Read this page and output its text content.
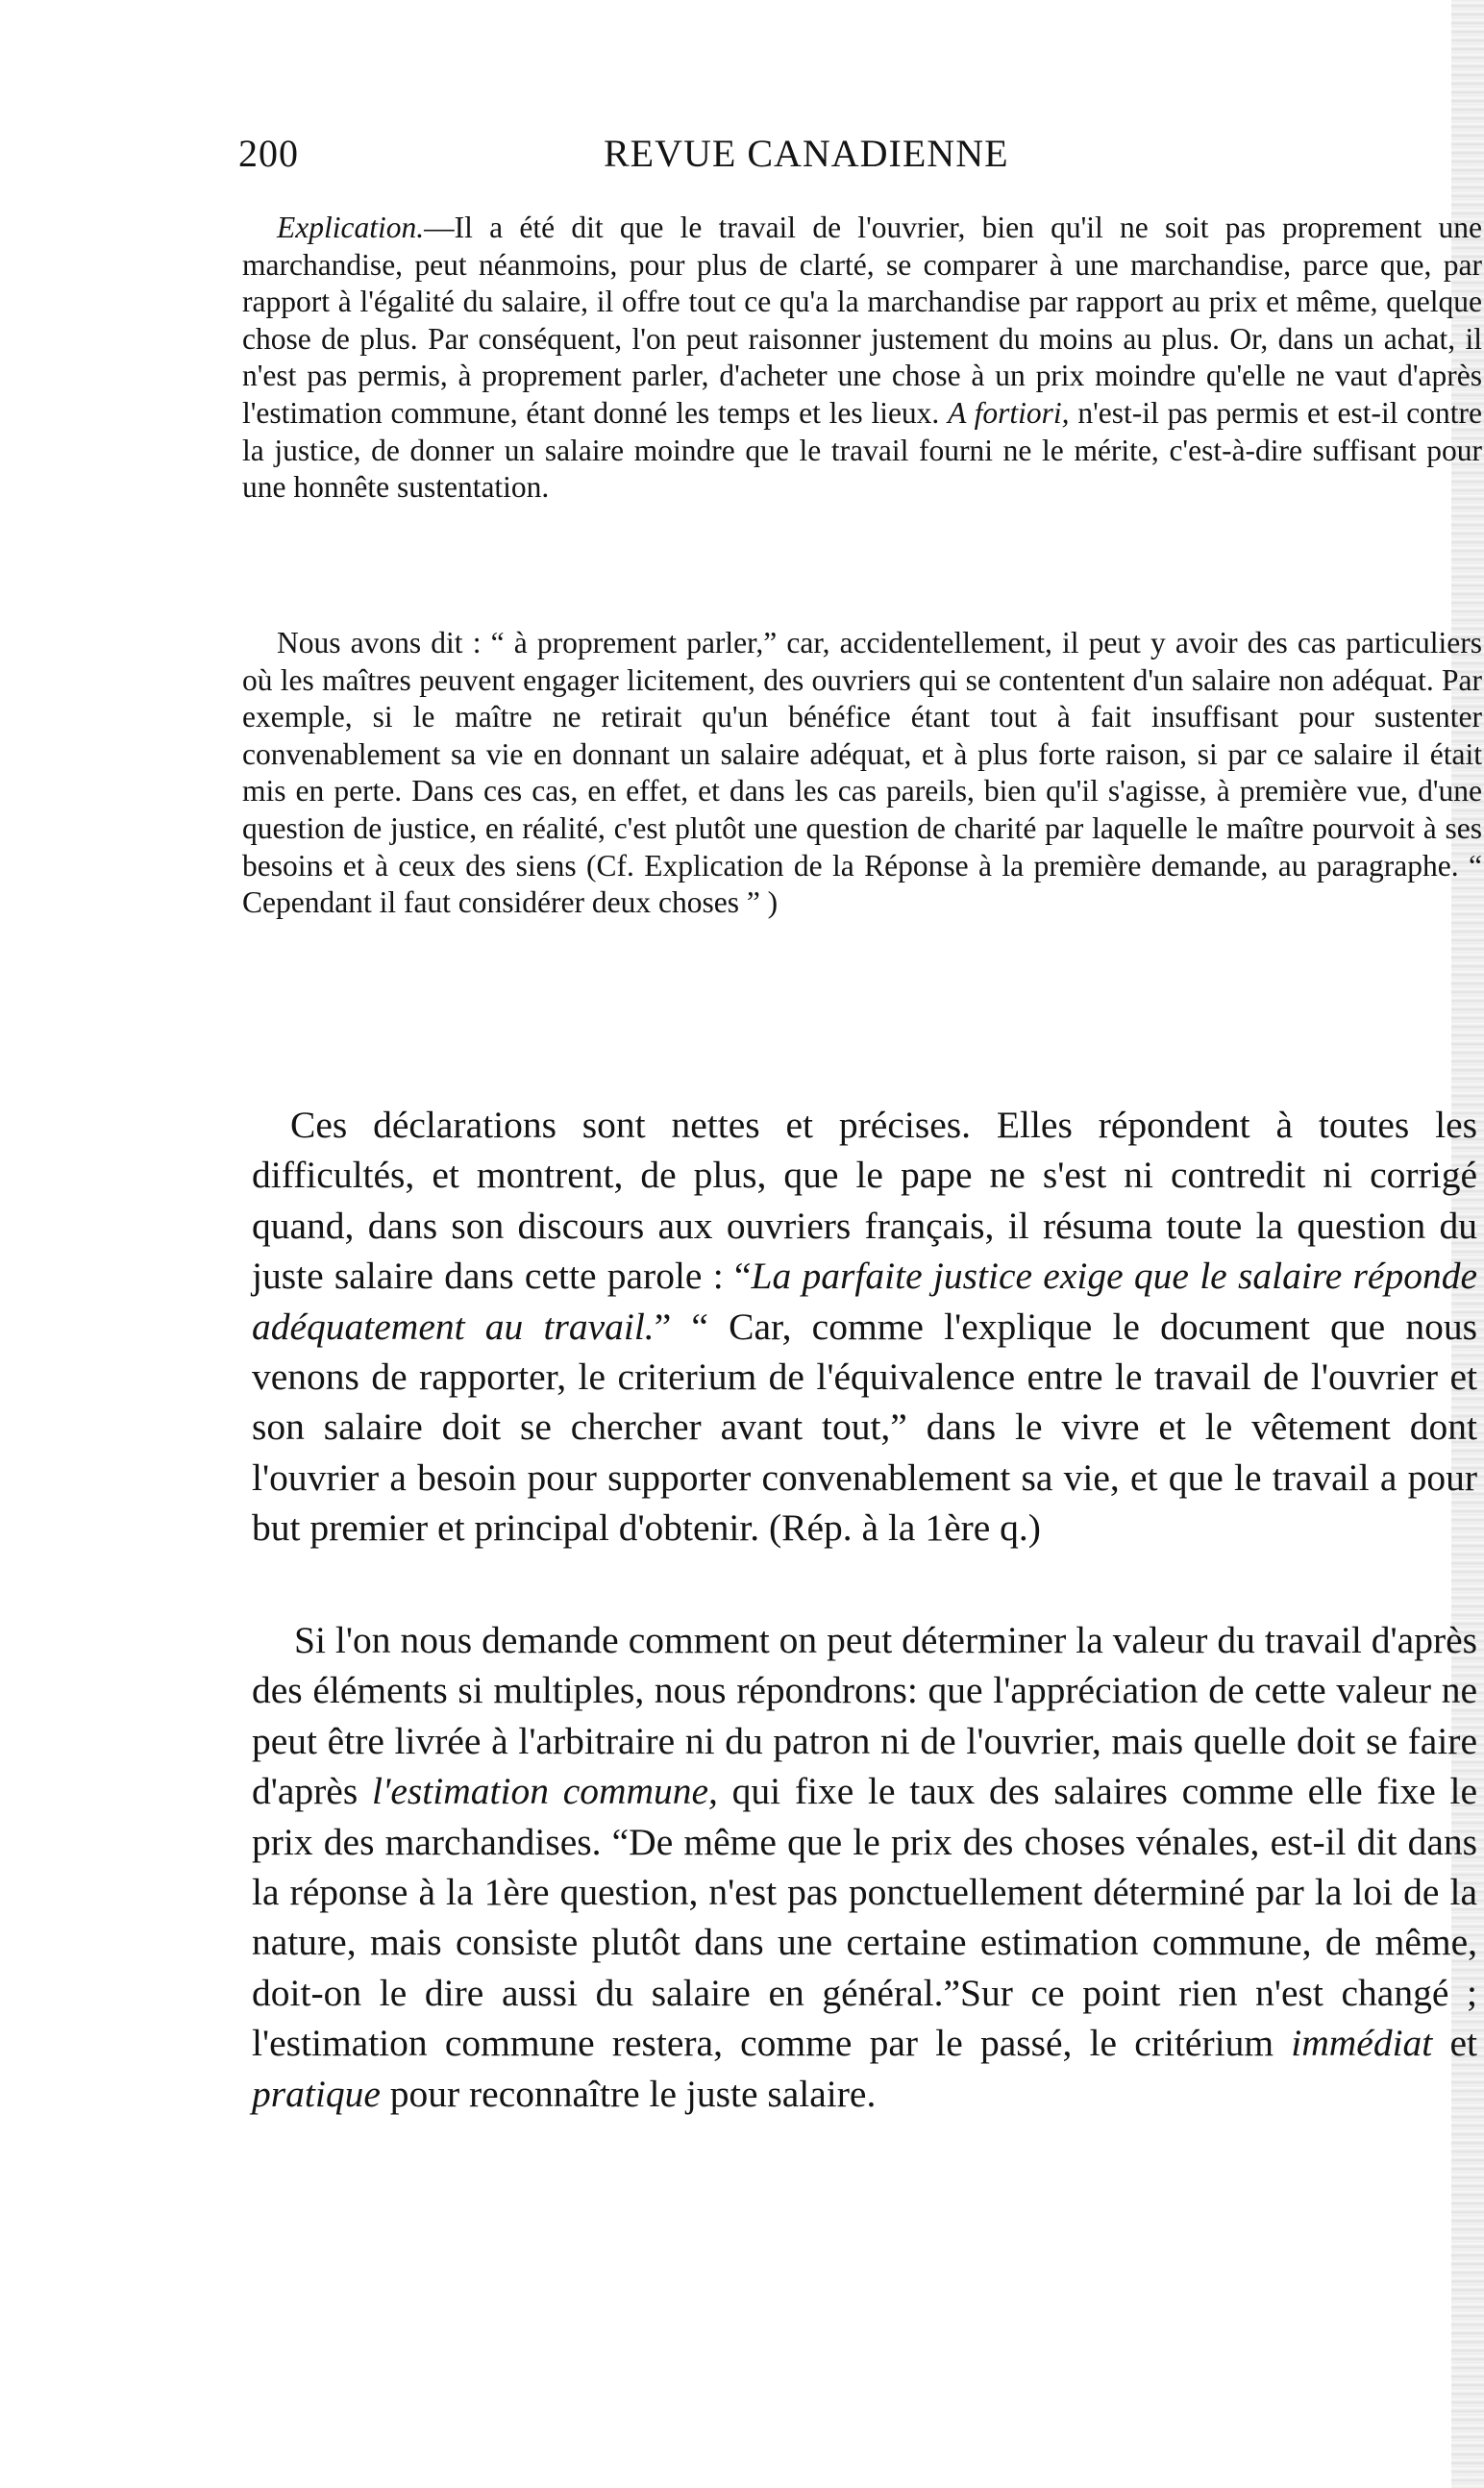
200	REVUE CANADIENNE

Explication.—Il a été dit que le travail de l'ouvrier, bien qu'il ne soit pas proprement une marchandise, peut néanmoins, pour plus de clarté, se comparer à une marchandise, parce que, par rapport à l'égalité du salaire, il offre tout ce qu'a la marchandise par rapport au prix et même, quelque chose de plus. Par conséquent, l'on peut raisonner justement du moins au plus. Or, dans un achat, il n'est pas permis, à proprement parler, d'acheter une chose à un prix moindre qu'elle ne vaut d'après l'estimation commune, étant donné les temps et les lieux. A fortiori, n'est-il pas permis et est-il contre la justice, de donner un salaire moindre que le travail fourni ne le mérite, c'est-à-dire suffisant pour une honnête sustentation.

Nous avons dit : “ à proprement parler,” car, accidentellement, il peut y avoir des cas particuliers où les maîtres peuvent engager licitement, des ouvriers qui se contentent d'un salaire non adéquat. Par exemple, si le maître ne retirait qu'un bénéfice étant tout à fait insuffisant pour sustenter convenablement sa vie en donnant un salaire adéquat, et à plus forte raison, si par ce salaire il était mis en perte. Dans ces cas, en effet, et dans les cas pareils, bien qu'il s'agisse, à première vue, d'une question de justice, en réalité, c'est plutôt une question de charité par laquelle le maître pourvoit à ses besoins et à ceux des siens (Cf. Explication de la Réponse à la première demande, au paragraphe. “ Cependant il faut considérer deux choses ” )

Ces déclarations sont nettes et précises. Elles répondent à toutes les difficultés, et montrent, de plus, que le pape ne s'est ni contredit ni corrigé quand, dans son discours aux ouvriers français, il résuma toute la question du juste salaire dans cette parole : “La parfaite justice exige que le salaire réponde adéquatement au travail.” “ Car, comme l'explique le document que nous venons de rapporter, le criterium de l'équivalence entre le travail de l'ouvrier et son salaire doit se chercher avant tout,” dans le vivre et le vêtement dont l'ouvrier a besoin pour supporter convenablement sa vie, et que le travail a pour but premier et principal d'obtenir. (Rép. à la 1ère q.)

Si l'on nous demande comment on peut déterminer la valeur du travail d'après des éléments si multiples, nous répondrons: que l'appréciation de cette valeur ne peut être livrée à l'arbitraire ni du patron ni de l'ouvrier, mais quelle doit se faire d'après l'estimation commune, qui fixe le taux des salaires comme elle fixe le prix des marchandises. “De même que le prix des choses vénales, est-il dit dans la réponse à la 1ère question, n'est pas ponctuellement déterminé par la loi de la nature, mais consiste plutôt dans une certaine estimation commune, de même, doit-on le dire aussi du salaire en général.”Sur ce point rien n'est changé ; l'estimation commune restera, comme par le passé, le critérium immédiat et pratique pour reconnaître le juste salaire.
